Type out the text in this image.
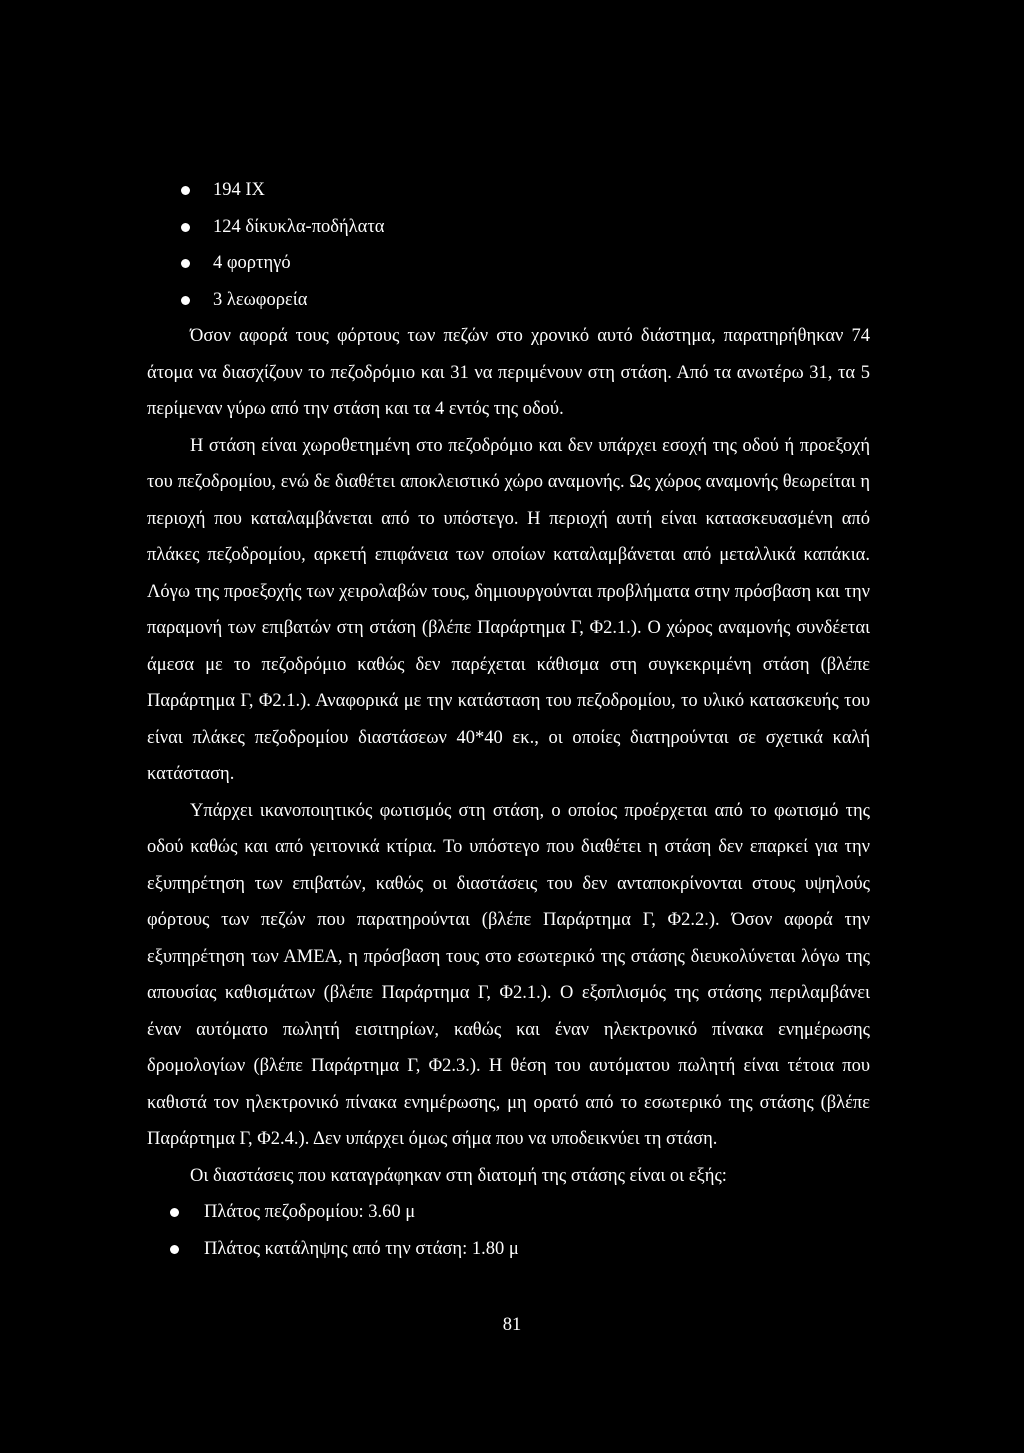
194 ΙΧ
124 δίκυκλα-ποδήλατα
4 φορτηγό
3 λεωφορεία

Όσον αφορά τους φόρτους των πεζών στο χρονικό αυτό διάστημα, παρατηρήθηκαν 74 άτομα να διασχίζουν το πεζοδρόμιο και 31 να περιμένουν στη στάση. Από τα ανωτέρω 31, τα 5 περίμεναν γύρω από την στάση και τα 4 εντός της οδού.

Η στάση είναι χωροθετημένη στο πεζοδρόμιο και δεν υπάρχει εσοχή της οδού ή προεξοχή του πεζοδρομίου, ενώ δε διαθέτει αποκλειστικό χώρο αναμονής. Ως χώρος αναμονής θεωρείται η περιοχή που καταλαμβάνεται από το υπόστεγο. Η περιοχή αυτή είναι κατασκευασμένη από πλάκες πεζοδρομίου, αρκετή επιφάνεια των οποίων καταλαμβάνεται από μεταλλικά καπάκια. Λόγω της προεξοχής των χειρολαβών τους, δημιουργούνται προβλήματα στην πρόσβαση και την παραμονή των επιβατών στη στάση (βλέπε Παράρτημα Γ, Φ2.1.). Ο χώρος αναμονής συνδέεται άμεσα με το πεζοδρόμιο καθώς δεν παρέχεται κάθισμα στη συγκεκριμένη στάση (βλέπε Παράρτημα Γ, Φ2.1.). Αναφορικά με την κατάσταση του πεζοδρομίου, το υλικό κατασκευής του είναι πλάκες πεζοδρομίου διαστάσεων 40*40 εκ., οι οποίες διατηρούνται σε σχετικά καλή κατάσταση.

Υπάρχει ικανοποιητικός φωτισμός στη στάση, ο οποίος προέρχεται από το φωτισμό της οδού καθώς και από γειτονικά κτίρια. Το υπόστεγο που διαθέτει η στάση δεν επαρκεί για την εξυπηρέτηση των επιβατών, καθώς οι διαστάσεις του δεν ανταποκρίνονται στους υψηλούς φόρτους των πεζών που παρατηρούνται (βλέπε Παράρτημα Γ, Φ2.2.). Όσον αφορά την εξυπηρέτηση των ΑΜΕΑ, η πρόσβαση τους στο εσωτερικό της στάσης διευκολύνεται λόγω της απουσίας καθισμάτων (βλέπε Παράρτημα Γ, Φ2.1.). Ο εξοπλισμός της στάσης περιλαμβάνει έναν αυτόματο πωλητή εισιτηρίων, καθώς και έναν ηλεκτρονικό πίνακα ενημέρωσης δρομολογίων (βλέπε Παράρτημα Γ, Φ2.3.). Η θέση του αυτόματου πωλητή είναι τέτοια που καθιστά τον ηλεκτρονικό πίνακα ενημέρωσης, μη ορατό από το εσωτερικό της στάσης (βλέπε Παράρτημα Γ, Φ2.4.). Δεν υπάρχει όμως σήμα που να υποδεικνύει τη στάση.

Οι διαστάσεις που καταγράφηκαν στη διατομή της στάσης είναι οι εξής:

Πλάτος πεζοδρομίου: 3.60 μ
Πλάτος κατάληψης από την στάση: 1.80 μ
81
